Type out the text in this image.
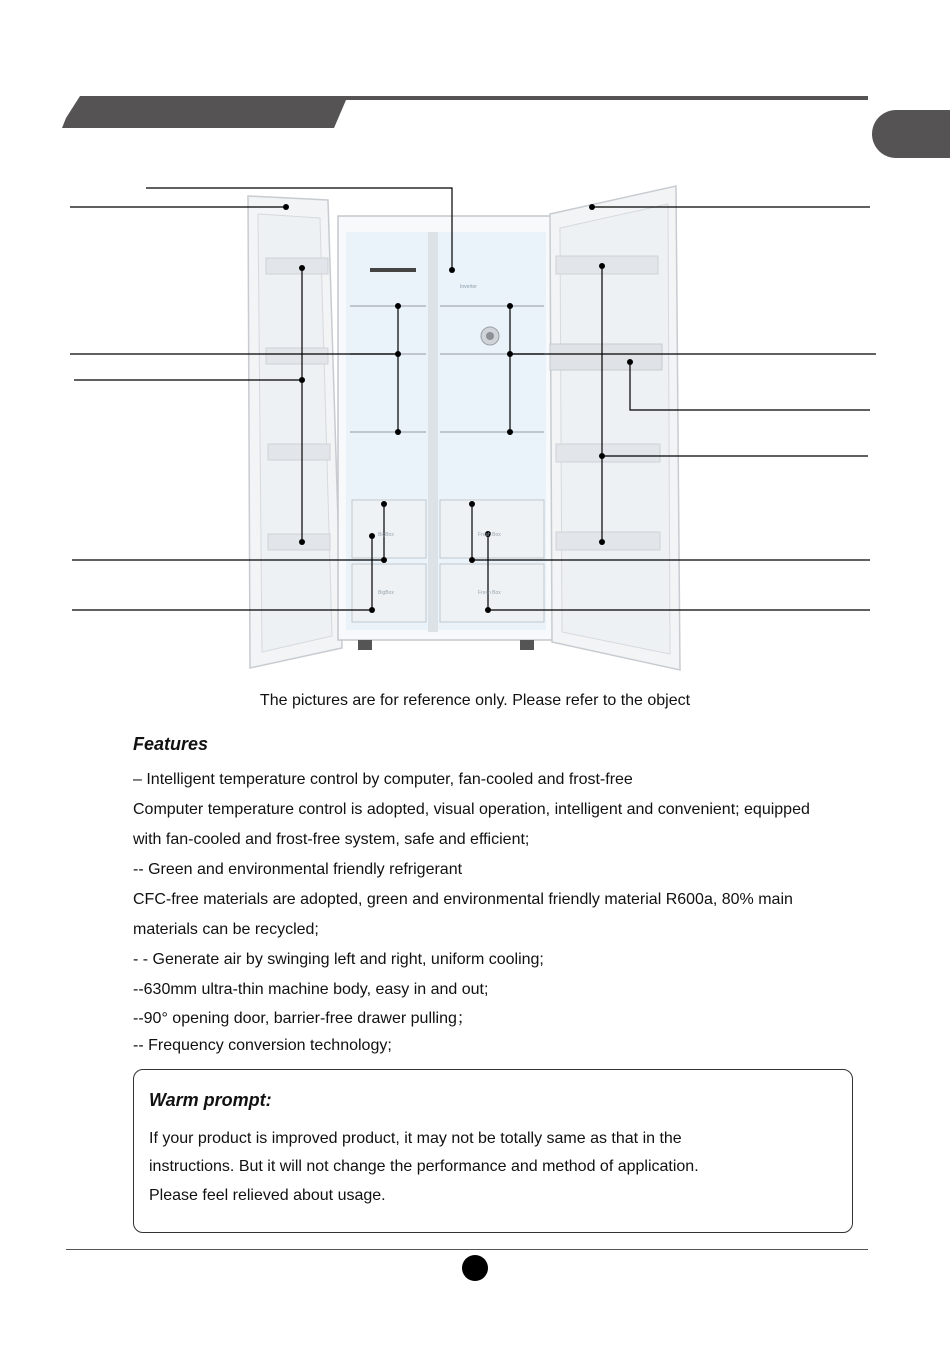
Inverter
BigBox
BigBox
Fresh Box
Fresh Box
The pictures are for reference only. Please refer to the object
Features
– Intelligent temperature control by computer, fan-cooled and frost-free
Computer temperature control is adopted, visual operation, intelligent and convenient; equipped
with fan-cooled and frost-free system, safe and efficient;
-- Green and environmental friendly refrigerant
CFC-free materials are adopted, green and environmental friendly material R600a, 80% main
materials can be recycled;
- - Generate air by swinging left and right, uniform cooling;
--630mm ultra-thin machine body, easy in and out;
--90° opening door, barrier-free drawer pulling；
-- Frequency conversion technology;
Warm prompt:
If your product is improved product, it may not be totally same as that in the
instructions. But it will not change the performance and method of application.
Please feel relieved about usage.
